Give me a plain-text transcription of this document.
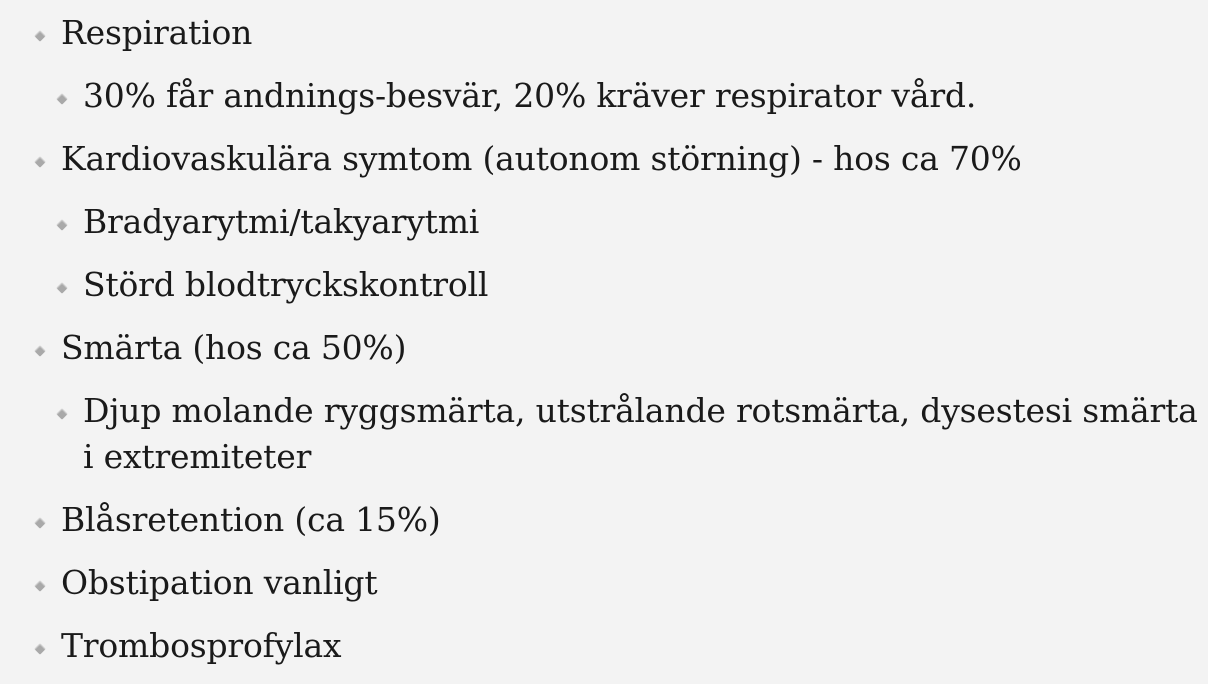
Respiration
30% får andnings-besvär, 20% kräver respirator vård.
Kardiovaskulära symtom (autonom störning) - hos ca 70%
Bradyarytmi/takyarytmi
Störd blodtryckskontroll
Smärta (hos ca 50%)
Djup molande ryggsmärta, utstrålande rotsmärta, dysestesi smärta i extremiteter
Blåsretention (ca 15%)
Obstipation vanligt
Trombosprofylax
